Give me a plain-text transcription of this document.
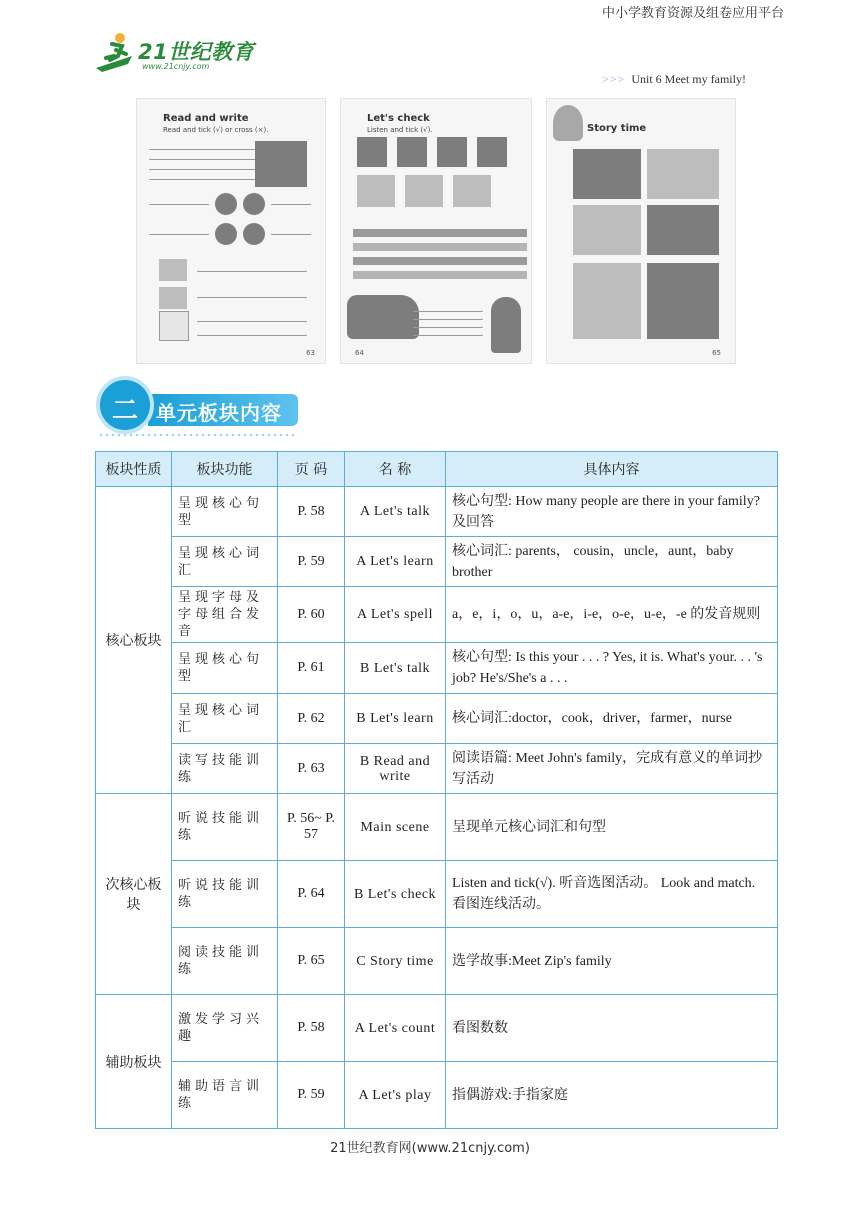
中小学教育资源及组卷应用平台
21世纪教育
www.21cnjy.com
>>> Unit 6 Meet my family!
Read and write
Read and tick (√) or cross (×).
63
Let's check
Listen and tick (√).
64
Story time
65
二 单元板块内容
板块性质	板块功能	页 码	名 称	具体内容
核心板块	呈现核心句型	P. 58	A Let's talk	核心句型: How many people are there in your family? 及回答
	呈现核心词汇	P. 59	A Let's learn	核心词汇: parents， cousin，uncle，aunt，baby brother
	呈现字母及字母组合发音	P. 60	A Let's spell	a，e，i，o，u，a-e，i-e，o-e，u-e，-e 的发音规则
	呈现核心句型	P. 61	B Let's talk	核心句型: Is this your . . . ? Yes, it is. What's your. . . 's job? He's/She's a . . .
	呈现核心词汇	P. 62	B Let's learn	核心词汇:doctor，cook，driver，farmer，nurse
	读写技能训练	P. 63	B Read and write	阅读语篇: Meet John's family，完成有意义的单词抄写活动
次核心板块	听说技能训练	P. 56~ P. 57	Main scene	呈现单元核心词汇和句型
	听说技能训练	P. 64	B Let's check	Listen and tick(√). 听音选图活动。 Look and match. 看图连线活动。
	阅读技能训练	P. 65	C Story time	选学故事:Meet Zip's family
辅助板块	激发学习兴趣	P. 58	A Let's count	看图数数
	辅助语言训练	P. 59	A Let's play	指偶游戏:手指家庭
21世纪教育网(www.21cnjy.com)
